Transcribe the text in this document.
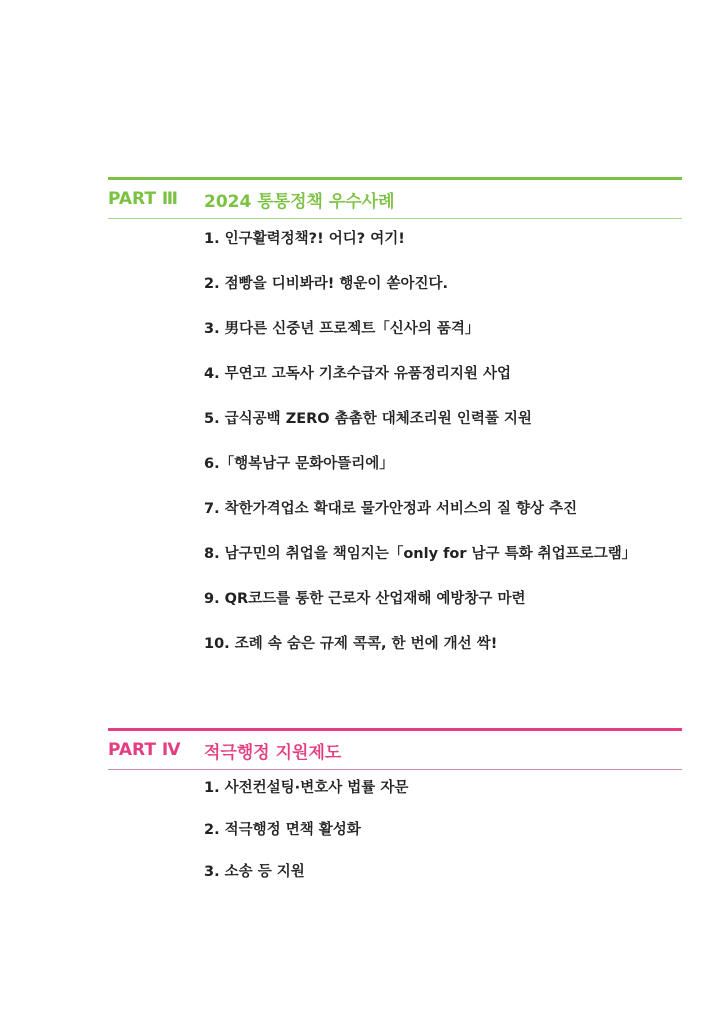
PART Ⅲ	2024 통통정책 우수사례
1. 인구활력정책?! 어디? 여기!
2. 점빵을 디비봐라! 행운이 쏟아진다.
3. 男다른 신중년 프로젝트「신사의 품격」
4. 무연고 고독사 기초수급자 유품정리지원 사업
5. 급식공백 ZERO 촘촘한 대체조리원 인력풀 지원
6.「행복남구 문화아뜰리에」
7. 착한가격업소 확대로 물가안정과 서비스의 질 향상 추진
8. 남구민의 취업을 책임지는「only for 남구 특화 취업프로그램」
9. QR코드를 통한 근로자 산업재해 예방창구 마련
10. 조례 속 숨은 규제 콕콕, 한 번에 개선 싹!
PART Ⅳ	적극행정 지원제도
1. 사전컨설팅·변호사 법률 자문
2. 적극행정 면책 활성화
3. 소송 등 지원
